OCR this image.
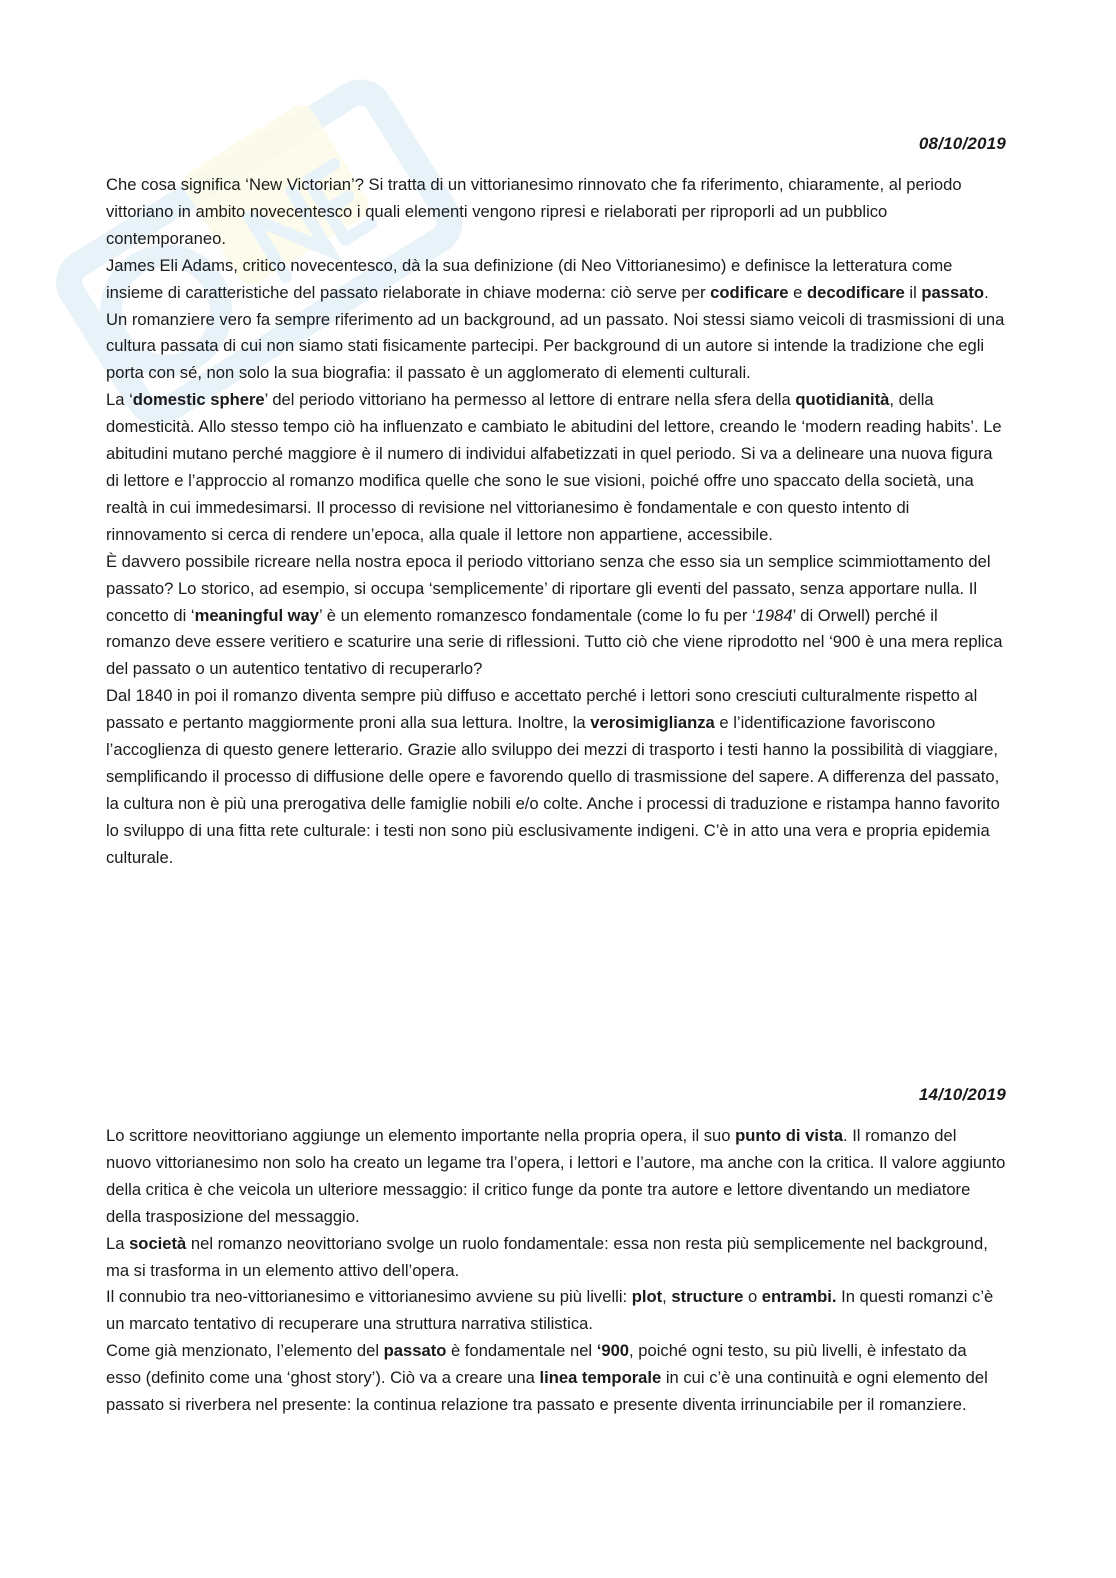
08/10/2019

Che cosa significa ‘New Victorian’? Si tratta di un vittorianesimo rinnovato che fa riferimento, chiaramente, al periodo vittoriano in ambito novecentesco i quali elementi vengono ripresi e rielaborati per riproporli ad un pubblico contemporaneo.

James Eli Adams, critico novecentesco, dà la sua definizione (di Neo Vittorianesimo) e definisce la letteratura come insieme di caratteristiche del passato rielaborate in chiave moderna: ciò serve per codificare e decodificare il passato. Un romanziere vero fa sempre riferimento ad un background, ad un passato. Noi stessi siamo veicoli di trasmissioni di una cultura passata di cui non siamo stati fisicamente partecipi. Per background di un autore si intende la tradizione che egli porta con sé, non solo la sua biografia: il passato è un agglomerato di elementi culturali.

La ‘domestic sphere’ del periodo vittoriano ha permesso al lettore di entrare nella sfera della quotidianità, della domesticità. Allo stesso tempo ciò ha influenzato e cambiato le abitudini del lettore, creando le ‘modern reading habits’. Le abitudini mutano perché maggiore è il numero di individui alfabetizzati in quel periodo. Si va a delineare una nuova figura di lettore e l’approccio al romanzo modifica quelle che sono le sue visioni, poiché offre uno spaccato della società, una realtà in cui immedesimarsi. Il processo di revisione nel vittorianesimo è fondamentale e con questo intento di rinnovamento si cerca di rendere un’epoca, alla quale il lettore non appartiene, accessibile.

È davvero possibile ricreare nella nostra epoca il periodo vittoriano senza che esso sia un semplice scimmiottamento del passato? Lo storico, ad esempio, si occupa ‘semplicemente’ di riportare gli eventi del passato, senza apportare nulla. Il concetto di ‘meaningful way’ è un elemento romanzesco fondamentale (come lo fu per ‘1984’ di Orwell) perché il romanzo deve essere veritiero e scaturire una serie di riflessioni. Tutto ciò che viene riprodotto nel ‘900 è una mera replica del passato o un autentico tentativo di recuperarlo?

Dal 1840 in poi il romanzo diventa sempre più diffuso e accettato perché i lettori sono cresciuti culturalmente rispetto al passato e pertanto maggiormente proni alla sua lettura. Inoltre, la verosimiglianza e l’identificazione favoriscono l’accoglienza di questo genere letterario. Grazie allo sviluppo dei mezzi di trasporto i testi hanno la possibilità di viaggiare, semplificando il processo di diffusione delle opere e favorendo quello di trasmissione del sapere. A differenza del passato, la cultura non è più una prerogativa delle famiglie nobili e/o colte. Anche i processi di traduzione e ristampa hanno favorito lo sviluppo di una fitta rete culturale: i testi non sono più esclusivamente indigeni. C’è in atto una vera e propria epidemia culturale.

14/10/2019

Lo scrittore neovittoriano aggiunge un elemento importante nella propria opera, il suo punto di vista. Il romanzo del nuovo vittorianesimo non solo ha creato un legame tra l’opera, i lettori e l’autore, ma anche con la critica. Il valore aggiunto della critica è che veicola un ulteriore messaggio: il critico funge da ponte tra autore e lettore diventando un mediatore della trasposizione del messaggio.

La società nel romanzo neovittoriano svolge un ruolo fondamentale: essa non resta più semplicemente nel background, ma si trasforma in un elemento attivo dell’opera.

Il connubio tra neo-vittorianesimo e vittorianesimo avviene su più livelli: plot, structure o entrambi. In questi romanzi c’è un marcato tentativo di recuperare una struttura narrativa stilistica.

Come già menzionato, l’elemento del passato è fondamentale nel ‘900, poiché ogni testo, su più livelli, è infestato da esso (definito come una ‘ghost story’). Ciò va a creare una linea temporale in cui c’è una continuità e ogni elemento del passato si riverbera nel presente: la continua relazione tra passato e presente diventa irrinunciabile per il romanziere.
